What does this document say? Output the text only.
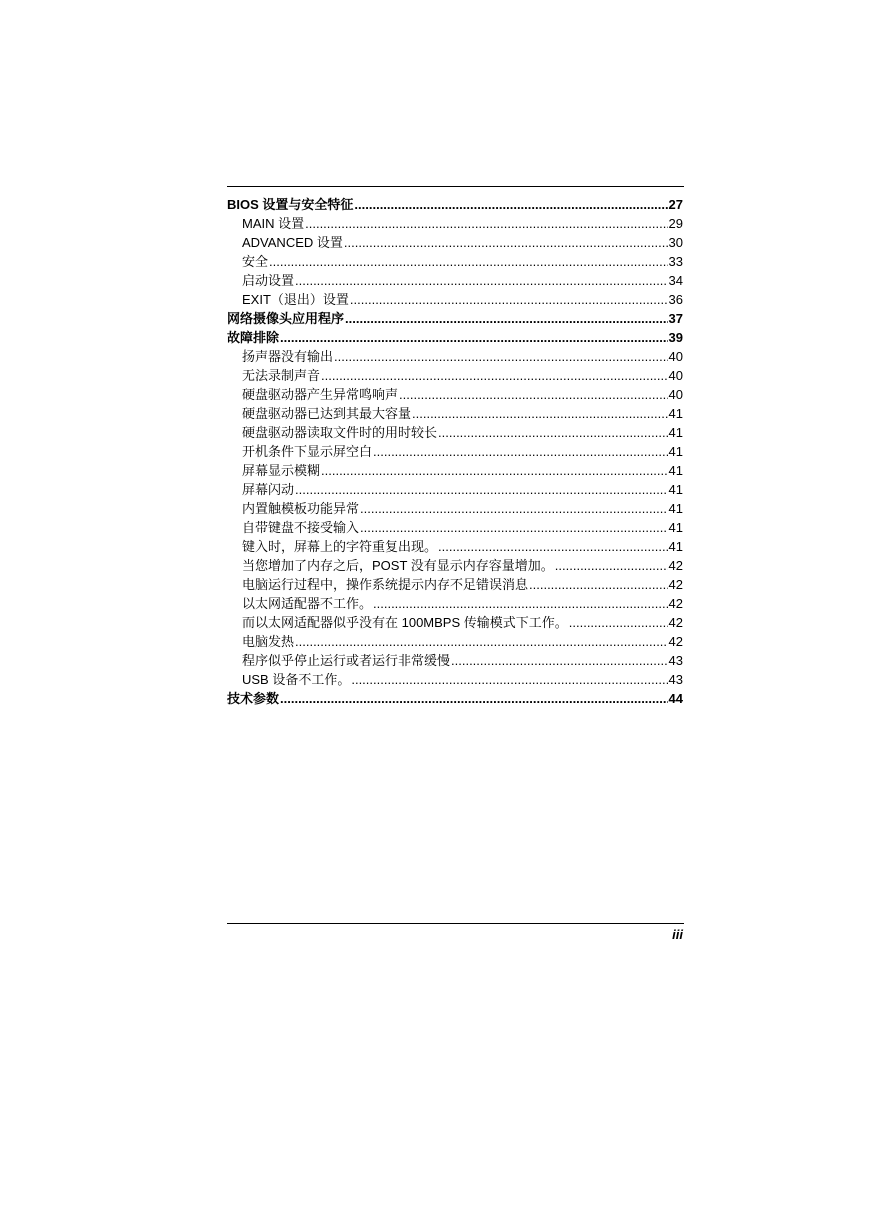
BIOS 设置与安全特征 .....	27
MAIN 设置 .....	29
ADVANCED 设置 .....	30
安全 .....	33
启动设置 .....	34
EXIT（退出）设置 .....	36
网络摄像头应用程序 .....	37
故障排除 .....	39
扬声器没有输出 .....	40
无法录制声音 .....	40
硬盘驱动器产生异常鸣响声 .....	40
硬盘驱动器已达到其最大容量 .....	41
硬盘驱动器读取文件时的用时较长 .....	41
开机条件下显示屏空白 .....	41
屏幕显示模糊 .....	41
屏幕闪动 .....	41
内置触模板功能异常 .....	41
自带键盘不接受输入 .....	41
键入时，屏幕上的字符重复出现。 .....	41
当您增加了内存之后，POST 没有显示内存容量增加。 .....	42
电脑运行过程中，操作系统提示内存不足错误消息 .....	42
以太网适配器不工作。 .....	42
而以太网适配器似乎没有在 100MBPS 传输模式下工作。 .....	42
电脑发热 .....	42
程序似乎停止运行或者运行非常缓慢 .....	43
USB 设备不工作。 .....	43
技术参数 .....	44
iii
